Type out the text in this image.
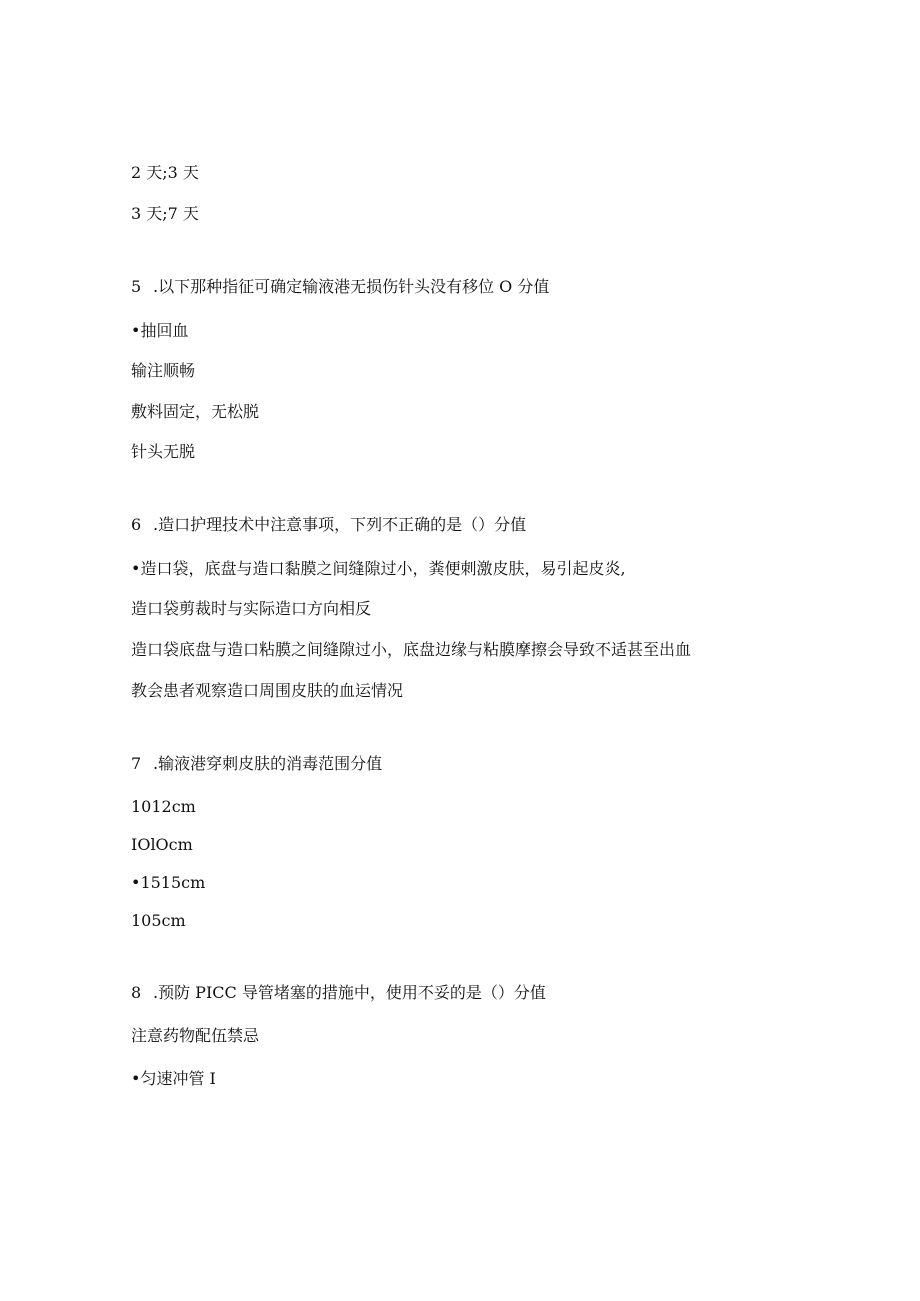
2 天;3 天
3 天;7 天
5 .以下那种指征可确定输液港无损伤针头没有移位 O 分值
•抽回血
输注顺畅
敷料固定，无松脱
针头无脱
6 .造口护理技术中注意事项，下列不正确的是（）分值
•造口袋，底盘与造口黏膜之间缝隙过小，粪便刺激皮肤，易引起皮炎,
造口袋剪裁时与实际造口方向相反
造口袋底盘与造口粘膜之间缝隙过小，底盘边缘与粘膜摩擦会导致不适甚至出血
教会患者观察造口周围皮肤的血运情况
7 .输液港穿刺皮肤的消毒范围分值
1012cm
IOlOcm
•1515cm
105cm
8 .预防 PICC 导管堵塞的措施中，使用不妥的是（）分值
注意药物配伍禁忌
•匀速冲管 I
